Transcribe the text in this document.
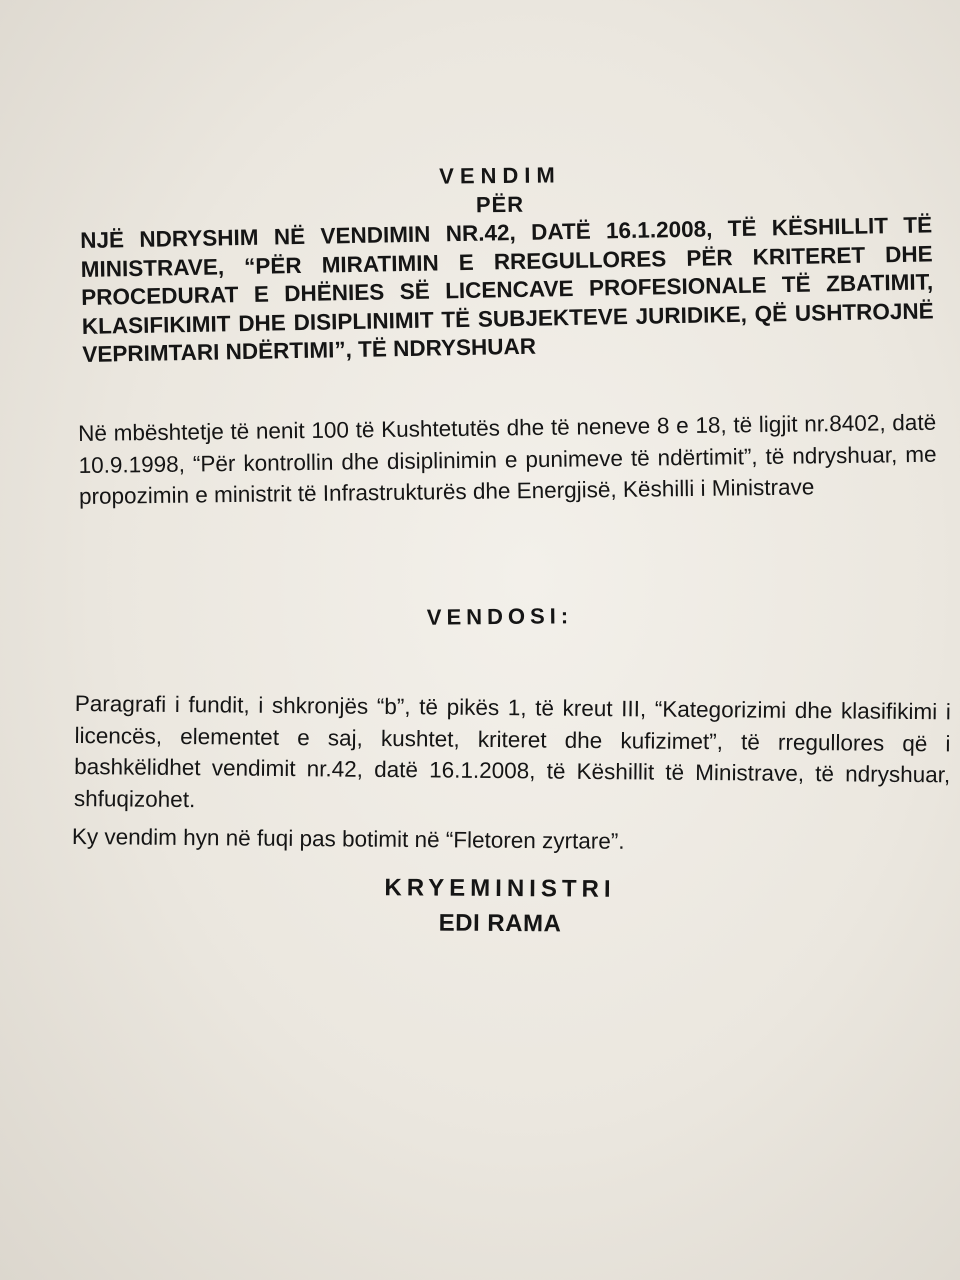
VENDIM
PËR
NJË NDRYSHIM NË VENDIMIN NR.42, DATË 16.1.2008, TË KËSHILLIT TË MINISTRAVE, “PËR MIRATIMIN E RREGULLORES PËR KRITERET DHE PROCEDURAT E DHËNIES SË LICENCAVE PROFESIONALE TË ZBATIMIT, KLASIFIKIMIT DHE DISIPLINIMIT TË SUBJEKTEVE JURIDIKE, QË USHTROJNË VEPRIMTARI NDËRTIMI”, TË NDRYSHUAR
Në mbështetje të nenit 100 të Kushtetutës dhe të neneve 8 e 18, të ligjit nr.8402, datë 10.9.1998, “Për kontrollin dhe disiplinimin e punimeve të ndërtimit”, të ndryshuar, me propozimin e ministrit të Infrastrukturës dhe Energjisë, Këshilli i Ministrave
VENDOSI:
Paragrafi i fundit, i shkronjës “b”, të pikës 1, të kreut III, “Kategorizimi dhe klasifikimi i licencës, elementet e saj, kushtet, kriteret dhe kufizimet”, të rregullores që i bashkëlidhet vendimit nr.42, datë 16.1.2008, të Këshillit të Ministrave, të ndryshuar, shfuqizohet.
Ky vendim hyn në fuqi pas botimit në “Fletoren zyrtare”.
KRYEMINISTRI
EDI RAMA
